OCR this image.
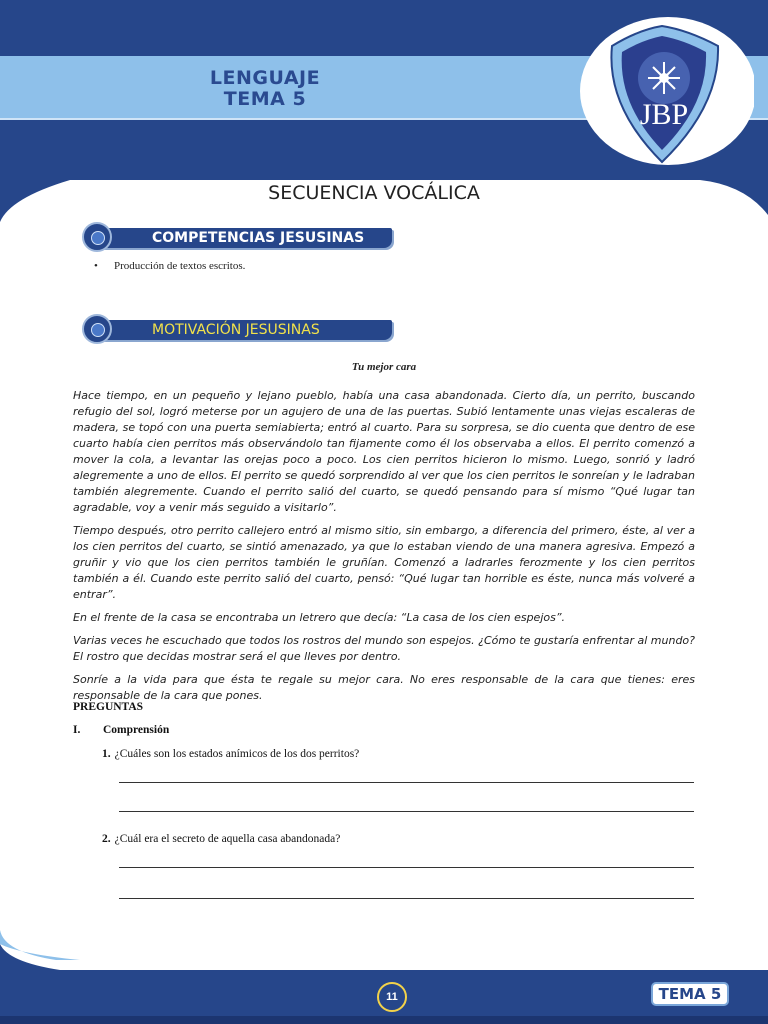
LENGUAJE
TEMA 5	JBP
SECUENCIA VOCÁLICA
COMPETENCIAS JESUSINAS
• Producción de textos escritos.
MOTIVACIÓN JESUSINAS
Tu mejor cara

Hace tiempo, en un pequeño y lejano pueblo, había una casa abandonada. Cierto día, un perrito, buscando refugio del sol, logró meterse por un agujero de una de las puertas. Subió lentamente unas viejas escaleras de madera, se topó con una puerta semiabierta; entró al cuarto. Para su sorpresa, se dio cuenta que dentro de ese cuarto había cien perritos más observándolo tan fijamente como él los observaba a ellos. El perrito comenzó a mover la cola, a levantar las orejas poco a poco. Los cien perritos hicieron lo mismo. Luego, sonrió y ladró alegremente a uno de ellos. El perrito se quedó sorprendido al ver que los cien perritos le sonreían y le ladraban también alegremente. Cuando el perrito salió del cuarto, se quedó pensando para sí mismo “Qué lugar tan agradable, voy a venir más seguido a visitarlo”.

Tiempo después, otro perrito callejero entró al mismo sitio, sin embargo, a diferencia del primero, éste, al ver a los cien perritos del cuarto, se sintió amenazado, ya que lo estaban viendo de una manera agresiva. Empezó a gruñir y vio que los cien perritos también le gruñían. Comenzó a ladrarles ferozmente y los cien perritos también a él. Cuando este perrito salió del cuarto, pensó: “Qué lugar tan horrible es éste, nunca más volveré a entrar”.

En el frente de la casa se encontraba un letrero que decía: “La casa de los cien espejos”.

Varias veces he escuchado que todos los rostros del mundo son espejos. ¿Cómo te gustaría enfrentar al mundo? El rostro que decidas mostrar será el que lleves por dentro.

Sonríe a la vida para que ésta te regale su mejor cara. No eres responsable de la cara que tienes: eres responsable de la cara que pones.

PREGUNTAS
I. Comprensión
1. ¿Cuáles son los estados anímicos de los dos perritos?
2. ¿Cuál era el secreto de aquella casa abandonada?
11	TEMA 5
